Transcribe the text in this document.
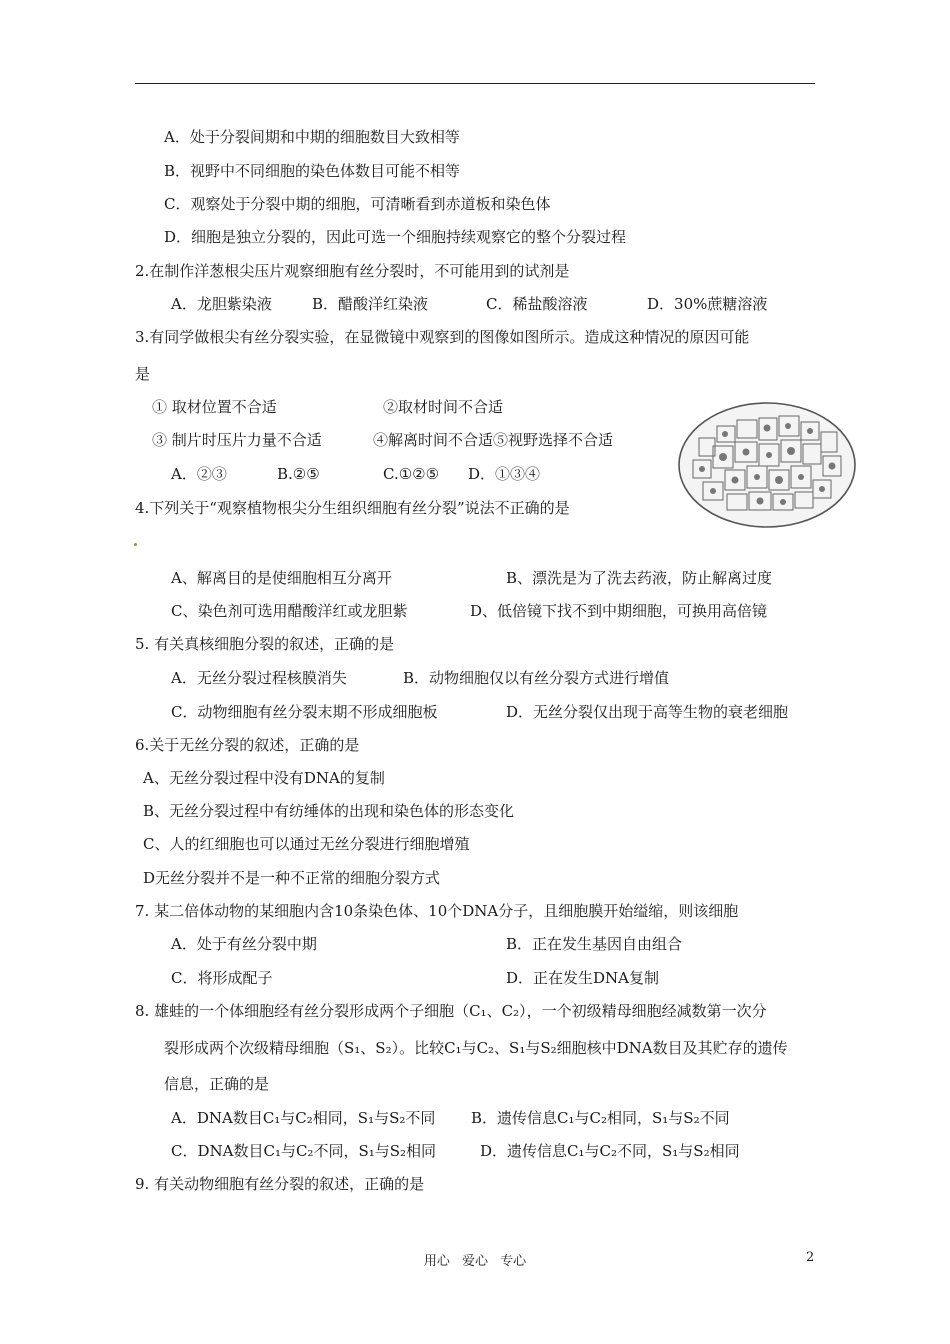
A．处于分裂间期和中期的细胞数目大致相等
B．视野中不同细胞的染色体数目可能不相等
C．观察处于分裂中期的细胞，可清晰看到赤道板和染色体
D．细胞是独立分裂的，因此可选一个细胞持续观察它的整个分裂过程
2.在制作洋葱根尖压片观察细胞有丝分裂时，不可能用到的试剂是
A．龙胆紫染液	B．醋酸洋红染液	C．稀盐酸溶液	D．30%蔗糖溶液
3.有同学做根尖有丝分裂实验，在显微镜中观察到的图像如图所示。造成这种情况的原因可能
是
① 取材位置不合适	②取材时间不合适
③ 制片时压片力量不合适	④解离时间不合适⑤视野选择不合适
A．②③	B.②⑤	C.①②⑤ D．①③④
4.下列关于“观察植物根尖分生组织细胞有丝分裂”说法不正确的是
A、解离目的是使细胞相互分离开	B、漂洗是为了洗去药液，防止解离过度
C、染色剂可选用醋酸洋红或龙胆紫	D、低倍镜下找不到中期细胞，可换用高倍镜
5. 有关真核细胞分裂的叙述，正确的是
A．无丝分裂过程核膜消失	B．动物细胞仅以有丝分裂方式进行增值
C．动物细胞有丝分裂末期不形成细胞板	D．无丝分裂仅出现于高等生物的衰老细胞
6.关于无丝分裂的叙述，正确的是
A、无丝分裂过程中没有DNA的复制
B、无丝分裂过程中有纺缍体的出现和染色体的形态变化
C、人的红细胞也可以通过无丝分裂进行细胞增殖
D无丝分裂并不是一种不正常的细胞分裂方式
7. 某二倍体动物的某细胞内含10条染色体、10个DNA分子，且细胞膜开始缢缩，则该细胞
A．处于有丝分裂中期	B．正在发生基因自由组合
C．将形成配子	D．正在发生DNA复制
8. 雄蛙的一个体细胞经有丝分裂形成两个子细胞（C₁、C₂），一个初级精母细胞经减数第一次分
裂形成两个次级精母细胞（S₁、S₂）。比较C₁与C₂、S₁与S₂细胞核中DNA数目及其贮存的遗传
信息，正确的是
A．DNA数目C₁与C₂相同，S₁与S₂不同 B．遗传信息C₁与C₂相同，S₁与S₂不同
C．DNA数目C₁与C₂不同，S₁与S₂相同	D．遗传信息C₁与C₂不同，S₁与S₂相同
9. 有关动物细胞有丝分裂的叙述，正确的是
用心 爱心 专心	2
